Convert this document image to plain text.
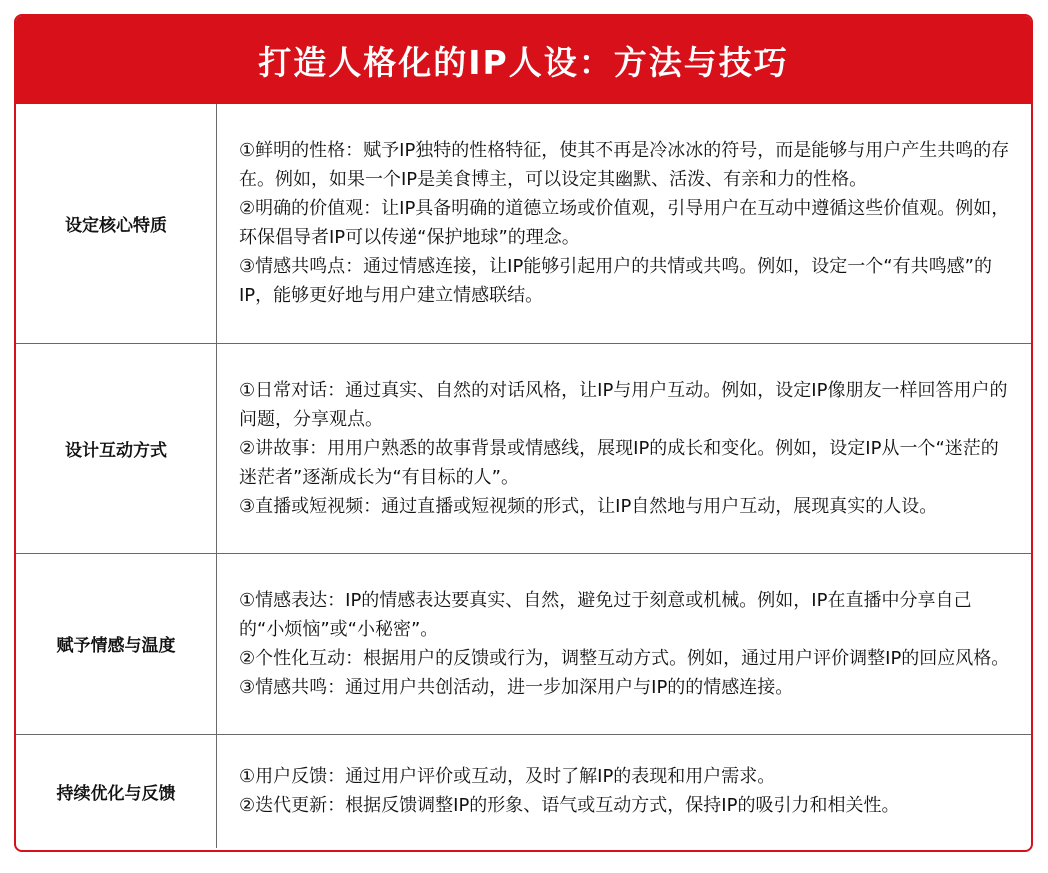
打造人格化的IP人设：方法与技巧
设定核心特质	①鲜明的性格：赋予IP独特的性格特征，使其不再是冷冰冰的符号，而是能够与用户产生共鸣的存在。例如，如果一个IP是美食博主，可以设定其幽默、活泼、有亲和力的性格。

②明确的价值观：让IP具备明确的道德立场或价值观，引导用户在互动中遵循这些价值观。例如，环保倡导者IP可以传递“保护地球”的理念。

③情感共鸣点：通过情感连接，让IP能够引起用户的共情或共鸣。例如，设定一个“有共鸣感”的IP，能够更好地与用户建立情感联结。

设计互动方式	①日常对话：通过真实、自然的对话风格，让IP与用户互动。例如，设定IP像朋友一样回答用户的问题，分享观点。

②讲故事：用用户熟悉的故事背景或情感线，展现IP的成长和变化。例如，设定IP从一个“迷茫的迷茫者”逐渐成长为“有目标的人”。

③直播或短视频：通过直播或短视频的形式，让IP自然地与用户互动，展现真实的人设。

赋予情感与温度	①情感表达：IP的情感表达要真实、自然，避免过于刻意或机械。例如，IP在直播中分享自己的“小烦恼”或“小秘密”。

②个性化互动：根据用户的反馈或行为，调整互动方式。例如，通过用户评价调整IP的回应风格。

③情感共鸣：通过用户共创活动，进一步加深用户与IP的的情感连接。

持续优化与反馈	①用户反馈：通过用户评价或互动，及时了解IP的表现和用户需求。

②迭代更新：根据反馈调整IP的形象、语气或互动方式，保持IP的吸引力和相关性。
